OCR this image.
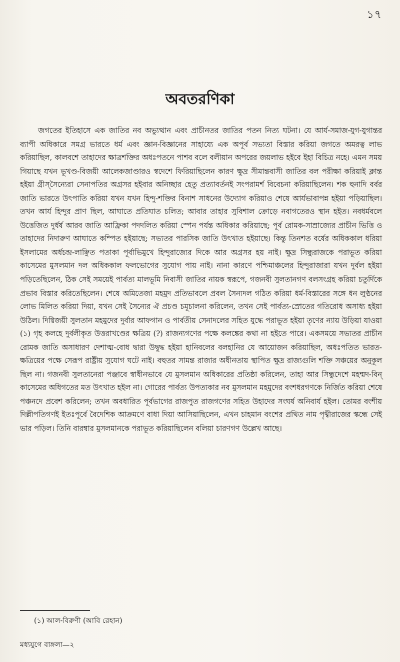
১৭
অবতরণিকা

জগতের ইতিহাসে এক জাতির নব অভ্যুত্থান এবং প্রাচীনতর জাতির পতন নিত্য ঘটনা। যে আর্য-সমাজ-যুগ-যুগান্তর ব্যাপী অধিকারে সমগ্র ভারতে ধর্ম এবং জ্ঞান-বিজ্ঞানের সাহায্যে এক অপূর্ব সভ্যতা বিস্তার করিয়া জগতে অমরত্ব লাভ করিয়াছিল, কালবশে তাহাদের ক্ষাত্রশক্তির অধঃপতনে পাশব বলে বলীয়ান অপরের জয়লাভ হইবে ইহা বিচিত্র নহে। এমন সময় গিয়াছে যখন ভূখণ্ড-বিজয়ী আলেকজাণ্ডারও স্বদেশে ফিরিয়াছিলেন কারণ ক্ষুদ্র সীমান্তবাসী জাতির বল পরীক্ষা করিয়াই ক্লান্ত হইয়া গ্রীস্‌সৈন্যেরা সেনাপতির অগ্রসর হইবার অনিচ্ছার হেতু প্রত্যাবর্তনই সংপরামর্শ বিবেচনা করিয়াছিলেন। শক হুনাদি বর্বর জাতি ভারতে উৎপাতি করিয়া যখন যখন হিন্দু-শক্তির বিনাশ সাধনের উদ্যোগ করিয়াও শেষে আর্যভাবাপন্ন হইয়া পড়িয়াছিল। তখন আর্য হিন্দুর প্রাণ ছিল, আঘাতে প্রতিঘাত চলিত; আবার তাহার সুবিশাল ক্রোড়ে নবাগতেরও স্থান হইত। নবধর্মবলে উত্তেজিত দুর্ধর্ষ আরব জাতি আফ্রিকা পদদলিত করিয়া স্পেন পর্যন্ত অধিকার করিয়াছে; পূর্ব রোমক-সাম্রাজ্যের প্রাচীন ভিত্তি ও তাহাদের নিদারুণ আঘাতে কম্পিত হইয়াছে; সভ্যতর পারসিক জাতি উৎখাত হইয়াছে। কিন্তু তিনশত বর্ষের অধিককাল ধরিয়া ইসলামের অর্ধচন্দ্র-লাঞ্ছিত পতাকা পূর্বাভিমুখে হিন্দুরাজ্যের দিকে আর অগ্রসর হয় নাই। ক্ষুদ্র সিন্ধুরাজকে পরাভূত করিয়া কাসেমের মুসলমান দল অধিককাল ফলভোগের সুযোগ পায় নাই। নানা কারণে পশ্চিমাঞ্চলের হিন্দুরাজারা যখন দুর্বল হইয়া পড়িতেছিলেন, ঠিক সেই সময়েই পার্বত্য মালভূমি নিবাসী জাতির নায়ক স্বরূপে, গজনবী সুলতানগণ বলসংগ্রহ করিয়া চতুর্দিকে প্রভাব বিস্তার করিতেছিলেন। শেষে অমিতেজা মহমুদ প্রতিভাবলে প্রবল সৈন্যদল গঠিত করিয়া ধর্ম-বিস্তারের সঙ্গে ধন লুণ্ঠনের লোভ মিলিত করিয়া দিয়া, যখন সেই সৈন্যের ঐ প্রচণ্ড চমূচালনা করিলেন, তখন সেই পার্বত্য-স্রোতের গতিরোধ অসাধ্য হইয়া উঠিল। দিগ্বিজয়ী সুলতান মহমুদের দুর্বার আফগান ও পার্বতীয় সেনাদলের সহিত যুদ্ধে পরাভূত হইয়া তৃণের ন্যায় উড়িয়া যাওয়া (১) গৃহ কলহে দুর্বলীকৃত উত্তরাখণ্ডের ক্ষত্রিয় (?) রাজন্যগণের পক্ষে কলঙ্কের কথা না হইতে পারে। একসময়ে সভ্যতর প্রাচীন রোমক জাতি অসাধারণ দেশাত্ম-বোধ দ্বারা উদ্বুদ্ধ হইয়া হানিবলের বলহানির যে আয়োজন করিয়াছিল, অধঃপতিত ভারত-ক্ষত্রিয়ের পক্ষে সেরূপ রাষ্ট্রীয় সুযোগ ঘটে নাই। বহুতর সামন্ত রাজার অধীনতায় স্থাপিত ক্ষুদ্র রাজ্যগুলি শক্তি সঞ্চয়ের অনুকূল ছিল না। গজনবী সুলতানেরা পঞ্জাবে স্বাধীনভাবে যে মুসলমান অধিকারের প্রতিষ্ঠা করিলেন, তাহা আর সিন্ধুদেশে মহম্মদ-বিন্‌ কাসেমের অধিগতের মত উৎখাত হইল না। গোরের পার্বত্য উপত্যকার নব মুসলমান মহমুদের বংশধরগণকে নির্জিত করিয়া শেষে পঞ্চনদে প্রবেশ করিলেন; তখন অবধারিত পূর্বভাগের রাজপুত রাজগণের সহিত উহাদের সংঘর্ষ অনিবার্য হইল। তোমর বংশীয় দিল্লীপতিগণই ইতঃপূর্বে বৈদেশিক আক্রমণে বাধা দিয়া আসিয়াছিলেন, এখন চাহমান বংশের প্রথিত নাম পৃথ্বীরাজের স্কন্ধে সেই ভার পড়িল। তিনি বারম্বার মুসলমানকে পরাভূত করিয়াছিলেন বলিয়া চারণগণ উল্লেখ আছে।

(১) আল-বিরুণী (আবি রেহান)
মধ্যযুগে বাঙ্গলা—২
